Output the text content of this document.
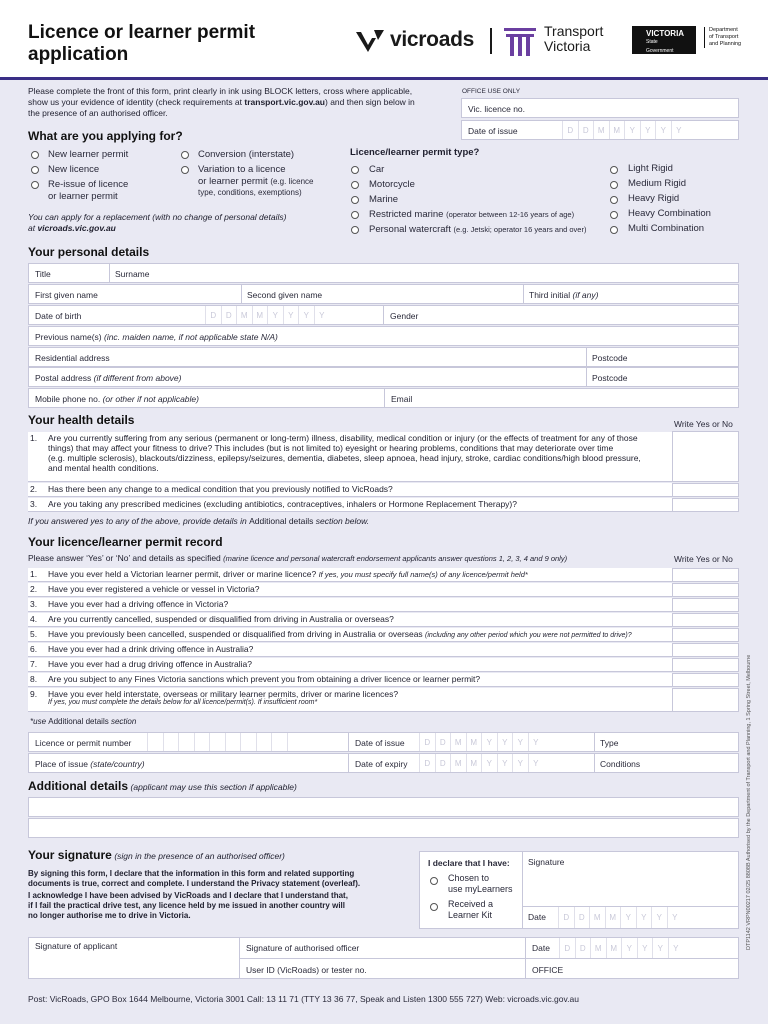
Licence or learner permit
application
vicroads	Transport
Victoria
VICTORIA
State
Government
Department
of Transport
and Planning
Please complete the front of this form, print clearly in ink using BLOCK letters, cross where applicable,
show us your evidence of identity (check requirements at transport.vic.gov.au) and then sign below in
the presence of an authorised officer.
OFFICE USE ONLY
Vic. licence no.
Date of issue	D	D	M	M	Y	Y	Y	Y
What are you applying for?
New learner permit
New licence
Re-issue of licence
or learner permit
Conversion (interstate)
Variation to a licence
or learner permit (e.g. licence
type, conditions, exemptions)
You can apply for a replacement (with no change of personal details)
at vicroads.vic.gov.au
Licence/learner permit type?
Car
Motorcycle
Marine
Restricted marine (operator between 12-16 years of age)
Personal watercraft (e.g. Jetski; operator 16 years and over)
Light Rigid
Medium Rigid
Heavy Rigid
Heavy Combination
Multi Combination
Your personal details
Title	Surname
First given name	Second given name	Third initial (if any)
Date of birth	D	D	M	M	Y	Y	Y	Y	Gender
Previous name(s) (inc. maiden name, if not applicable state N/A)
Residential address	Postcode
Postal address (if different from above)	Postcode
Mobile phone no. (or other if not applicable)	Email
Your health details	Write Yes or No
1. Are you currently suffering from any serious (permanent or long-term) illness, disability, medical condition or injury (or the effects of treatment for any of those
things) that may affect your fitness to drive? This includes (but is not limited to) eyesight or hearing problems, conditions that may deteriorate over time
(e.g. multiple sclerosis), blackouts/dizziness, epilepsy/seizures, dementia, diabetes, sleep apnoea, head injury, stroke, cardiac conditions/high blood pressure,
and mental health conditions.
2. Has there been any change to a medical condition that you previously notified to VicRoads?
3. Are you taking any prescribed medicines (excluding antibiotics, contraceptives, inhalers or Hormone Replacement Therapy)?
If you answered yes to any of the above, provide details in Additional details section below.
Your licence/learner permit record
Please answer ‘Yes’ or ‘No’ and details as specified (marine licence and personal watercraft endorsement applicants answer questions 1, 2, 3, 4 and 9 only)	Write Yes or No
1. Have you ever held a Victorian learner permit, driver or marine licence? If yes, you must specify full name(s) of any licence/permit held*
2. Have you ever registered a vehicle or vessel in Victoria?
3. Have you ever had a driving offence in Victoria?
4. Are you currently cancelled, suspended or disqualified from driving in Australia or overseas?
5. Have you previously been cancelled, suspended or disqualified from driving in Australia or overseas (including any other period which you were not permitted to drive)?
6. Have you ever had a drink driving offence in Australia?
7. Have you ever had a drug driving offence in Australia?
8. Are you subject to any Fines Victoria sanctions which prevent you from obtaining a driver licence or learner permit?
9. Have you ever held interstate, overseas or military learner permits, driver or marine licences?
If yes, you must complete the details below for all licence/permit(s). If insufficient room*
*use Additional details section
Licence or permit number	Date of issue	D	D	M	M	Y	Y	Y	Y	Type
Place of issue (state/country)	Date of expiry	D	D	M	M	Y	Y	Y	Y	Conditions
Additional details (applicant may use this section if applicable)
Your signature (sign in the presence of an authorised officer)
By signing this form, I declare that the information in this form and related supporting
documents is true, correct and complete. I understand the Privacy statement (overleaf).
I acknowledge I have been advised by VicRoads and I declare that I understand that,
if I fail the practical drive test, any licence held by me issued in another country will
no longer authorise me to drive in Victoria.
I declare that I have:
Chosen to
use myLearners
Received a
Learner Kit
Signature
Date	D	D	M	M	Y	Y	Y	Y
Signature of applicant	Signature of authorised officer
User ID (VicRoads) or tester no.
Date	D	D	M	M	Y	Y	Y	Y
OFFICE
Post: VicRoads, GPO Box 1644 Melbourne, Victoria 3001 Call: 13 11 71 (TTY 13 36 77, Speak and Listen 1300 555 727) Web: vicroads.vic.gov.au
DTP1142 VRPN00217 02/25 8808B Authorised by the Department of Transport and Planning, 1 Spring Street, Melbourne
